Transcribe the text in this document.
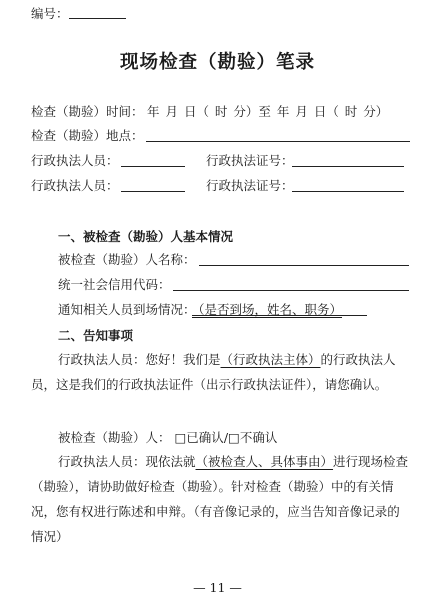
编号：
现场检查（勘验）笔录
检查（勘验）时间： 年 月 日（ 时 分）至 年 月 日（ 时 分）
检查（勘验）地点：
行政执法人员：	行政执法证号：
行政执法人员：	行政执法证号：
一、被检查（勘验）人基本情况
被检查（勘验）人名称：
统一社会信用代码：
通知相关人员到场情况：
（是否到场，姓名、职务）
二、告知事项
行政执法人员：您好！我们是（行政执法主体）的行政执法人员，这是我们的行政执法证件（出示行政执法证件），请您确认。
被检查（勘验）人： □已确认/□不确认
行政执法人员：现依法就（被检查人、具体事由）进行现场检查（勘验），请协助做好检查（勘验）。针对检查（勘验）中的有关情况，您有权进行陈述和申辩。（有音像记录的，应当告知音像记录的情况）
— 11 —
